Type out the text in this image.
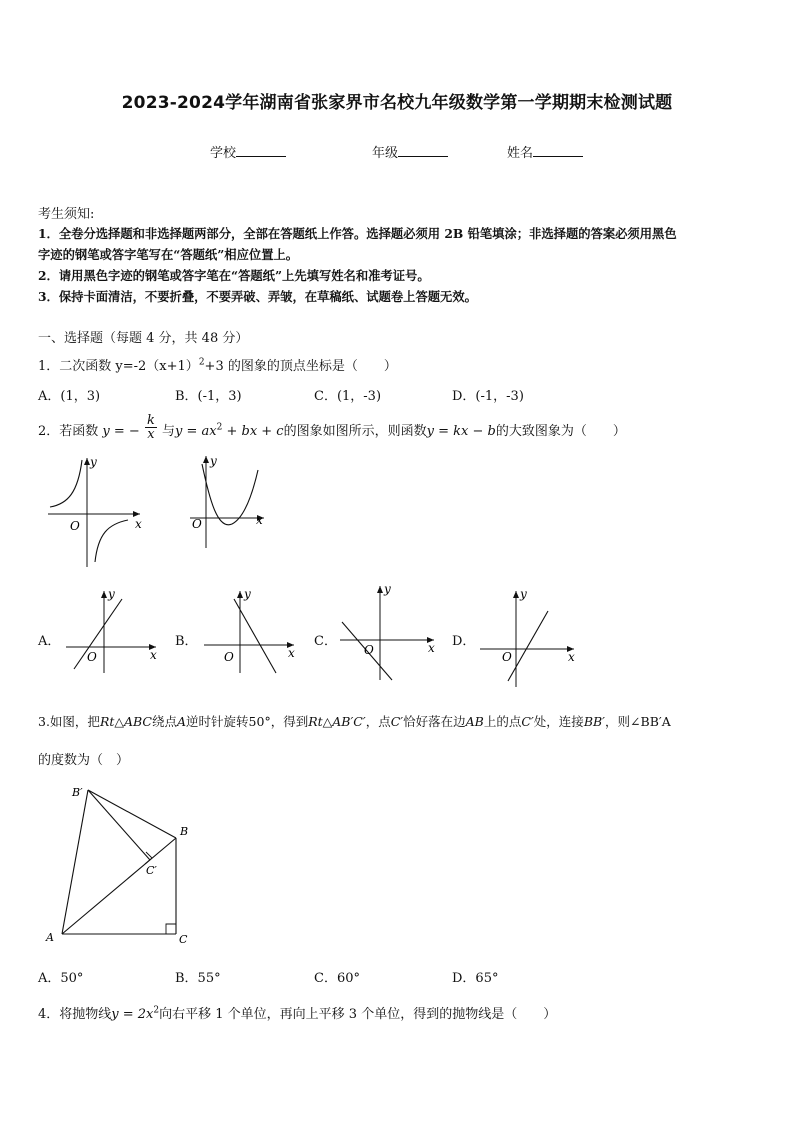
2023-2024学年湖南省张家界市名校九年级数学第一学期期末检测试题
学校	年级	姓名
考生须知:
1．全卷分选择题和非选择题两部分，全部在答题纸上作答。选择题必须用 2B 铅笔填涂；非选择题的答案必须用黑色
字迹的钢笔或答字笔写在“答题纸”相应位置上。
2．请用黑色字迹的钢笔或答字笔在“答题纸”上先填写姓名和准考证号。
3．保持卡面清洁，不要折叠，不要弄破、弄皱，在草稿纸、试题卷上答题无效。
一、选择题（每题 4 分，共 48 分）
1．二次函数 $y=-2(x+1)^2+3$ 的图象的顶点坐标是（　　）
A．(1，3)	B．(-1，3)	C．(1，-3)	D．(-1，-3)
2．若函数 y = − $\frac{k}{x}$ 与$y = ax^2$ + bx + c的图象如图所示，则函数y = kx − b的大致图象为（　　）
x
y
O	x
y
O
A．
x
y
O
B．
x
y
O
C．	x
y
O
D．
x
y
O
3.如图，把Rt△ABC绕点A逆时针旋转50°，得到Rt△AB′C′，点C′恰好落在边AB上的点C′处，连接BB′，则∠BB′A
的度数为（　）
B′
B
C′
A	C
A．50°	B．55°	C．60°	D．65°
4．将抛物线$y = 2x^2$向右平移 1 个单位，再向上平移 3 个单位，得到的抛物线是（　　）
